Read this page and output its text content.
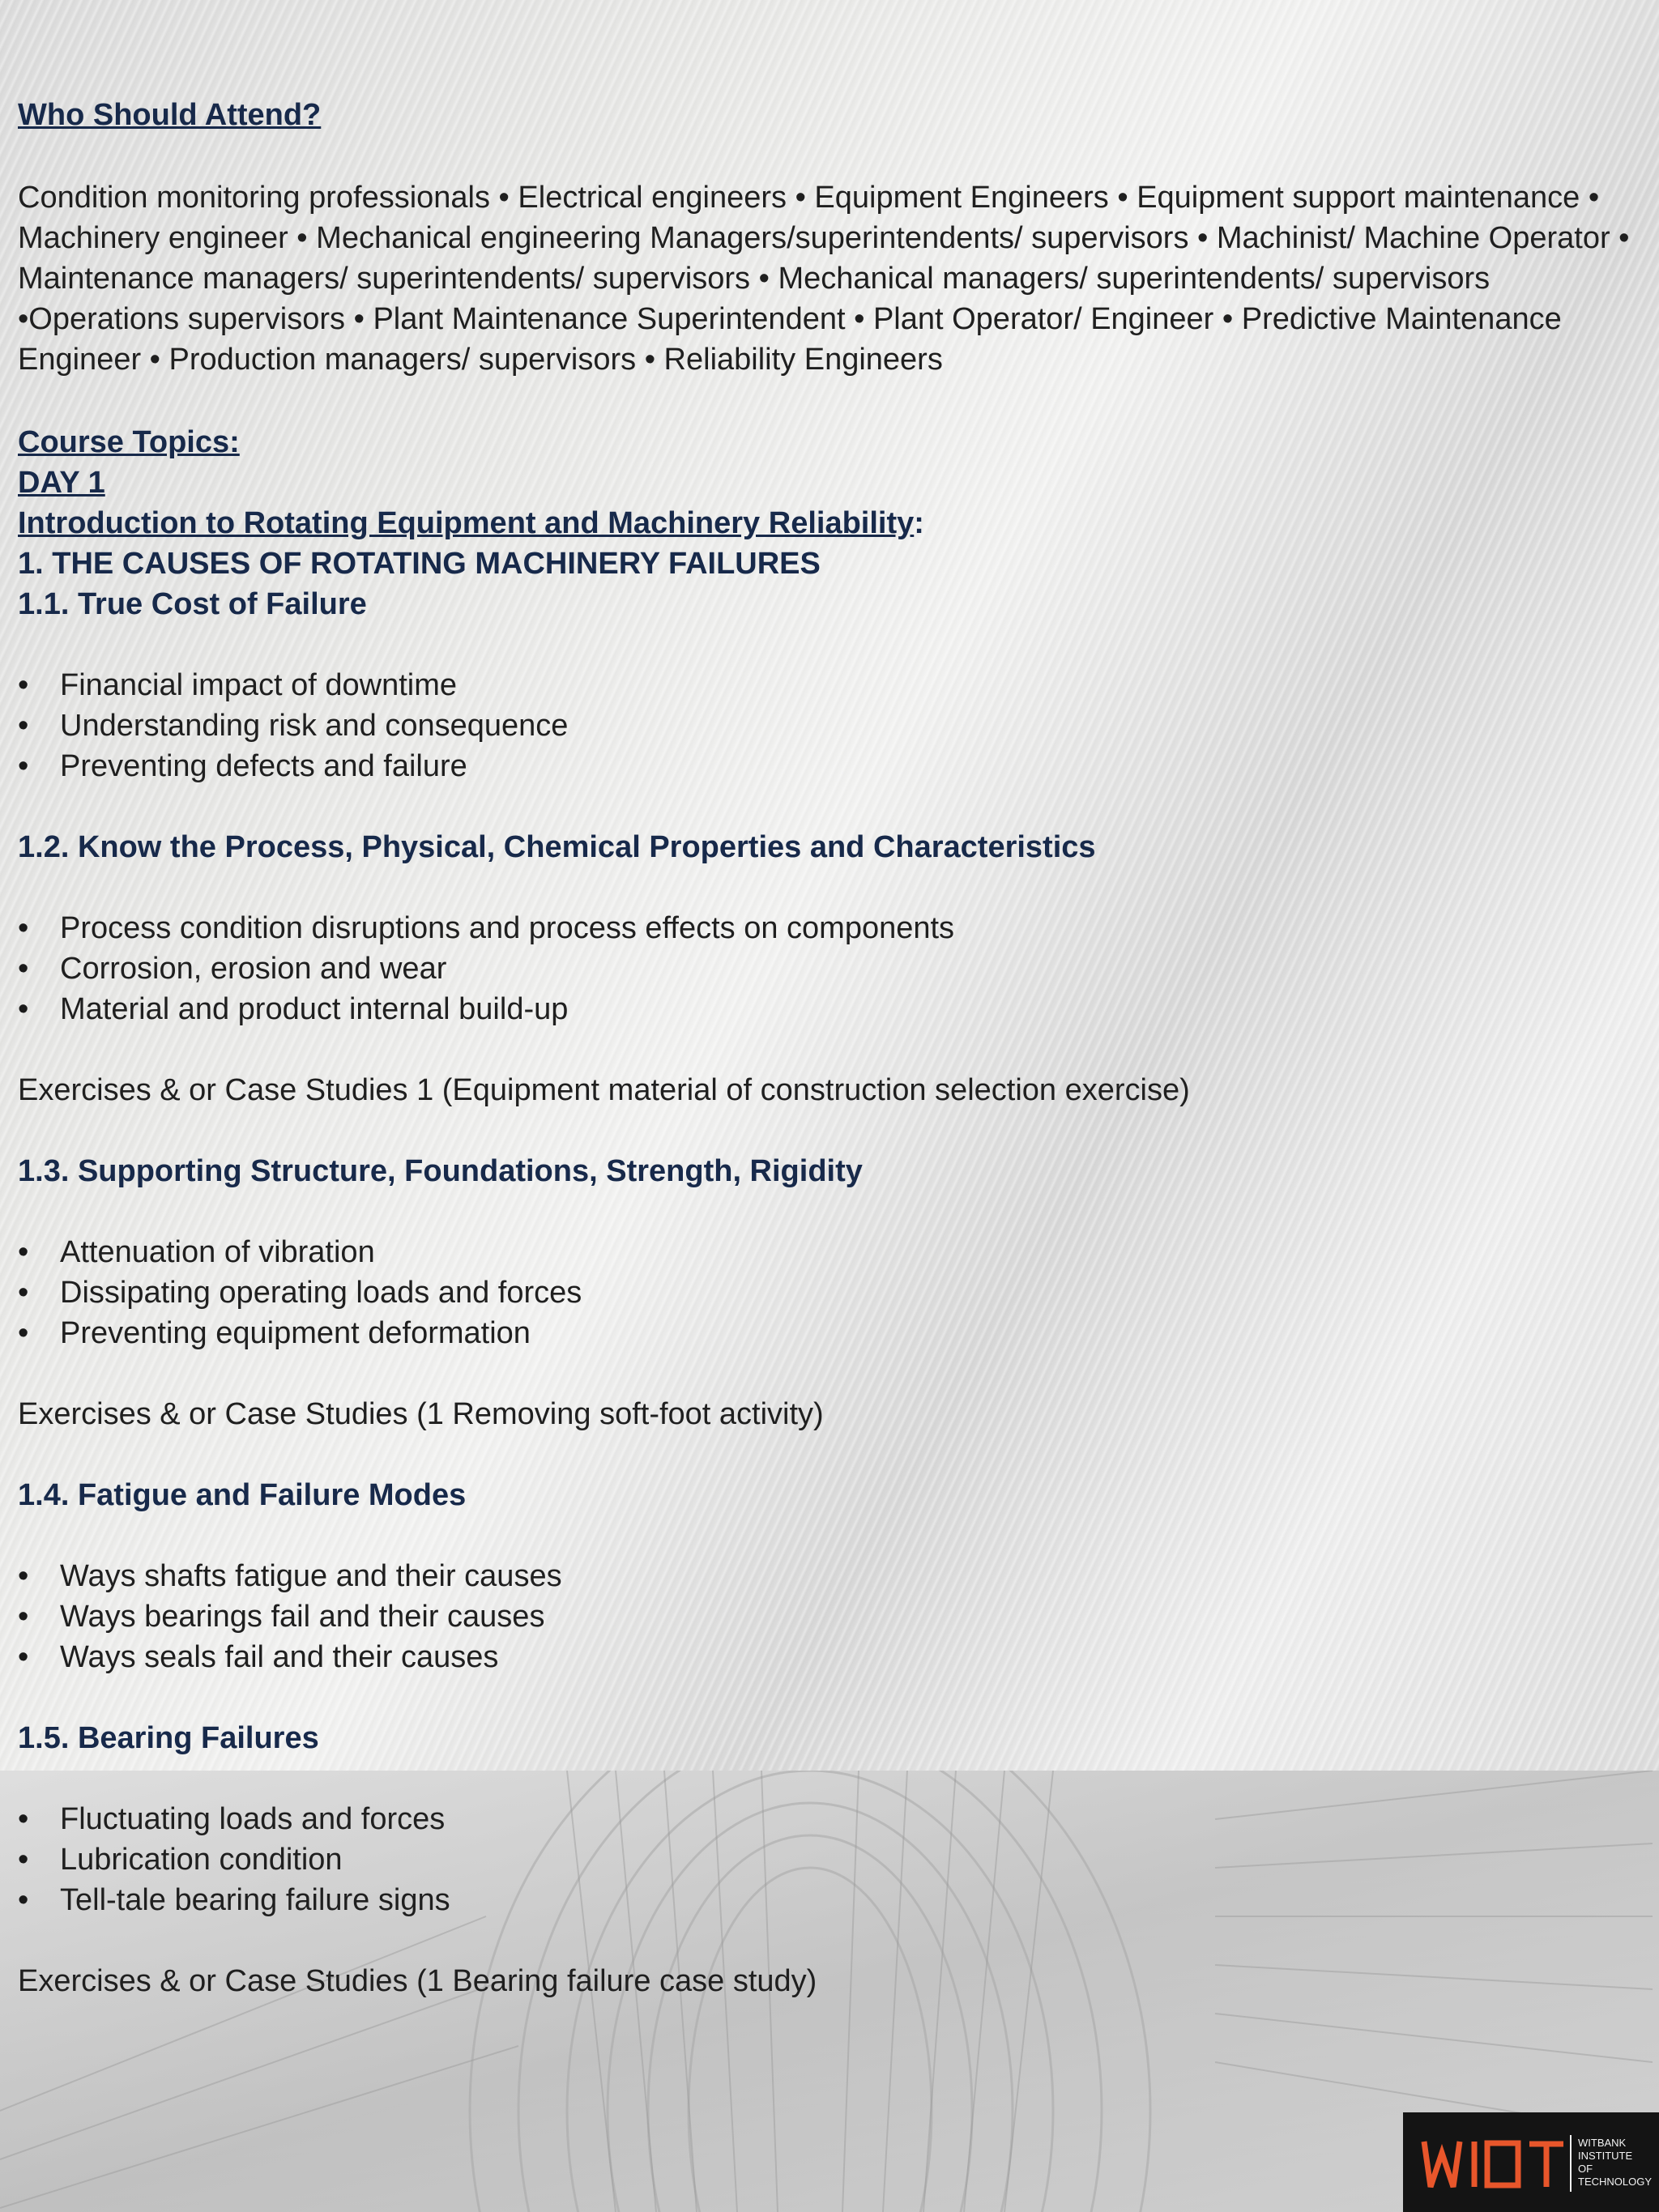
Who Should Attend?
Condition monitoring professionals • Electrical engineers • Equipment Engineers • Equipment support maintenance • Machinery engineer • Mechanical engineering Managers/superintendents/ supervisors • Machinist/ Machine Operator • Maintenance managers/ superintendents/ supervisors • Mechanical managers/ superintendents/ supervisors •Operations supervisors • Plant Maintenance Superintendent • Plant Operator/ Engineer • Predictive Maintenance Engineer • Production managers/ supervisors • Reliability Engineers
Course Topics:
DAY 1
Introduction to Rotating Equipment and Machinery Reliability:
1. THE CAUSES OF ROTATING MACHINERY FAILURES
1.1. True Cost of Failure
• Financial impact of downtime
• Understanding risk and consequence
• Preventing defects and failure
1.2. Know the Process, Physical, Chemical Properties and Characteristics
• Process condition disruptions and process effects on components
• Corrosion, erosion and wear
• Material and product internal build-up
Exercises & or Case Studies 1 (Equipment material of construction selection exercise)
1.3. Supporting Structure, Foundations, Strength, Rigidity
• Attenuation of vibration
• Dissipating operating loads and forces
• Preventing equipment deformation
Exercises & or Case Studies (1 Removing soft-foot activity)
1.4. Fatigue and Failure Modes
• Ways shafts fatigue and their causes
• Ways bearings fail and their causes
• Ways seals fail and their causes
1.5. Bearing Failures
• Fluctuating loads and forces
• Lubrication condition
• Tell-tale bearing failure signs
Exercises & or Case Studies (1 Bearing failure case study)
WITBANK
INSTITUTE
OF
TECHNOLOGY
